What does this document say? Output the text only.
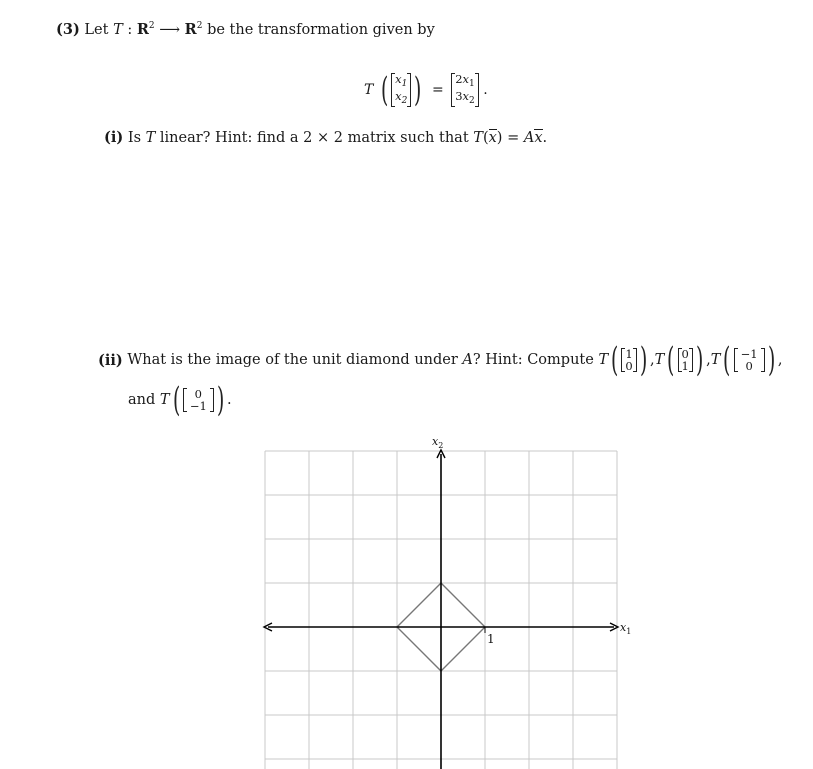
(3) Let T : $R^2$ ⟶ $R^2$ be the transformation given by
T ( $x_1$
$x_2$ ) =
$2x_1$
$3x_2$
.
(i) Is T linear? Hint: find a 2 × 2 matrix such that T(x) = Ax.
(ii)
What is the image of the unit diamond under
A ? Hint: Compute
T ( 1
0 ) , T ( 0
1 ) , T ( −1
0 ) ,
and
T (	0
−1 ) .
1
$x_1$
$x_2$
